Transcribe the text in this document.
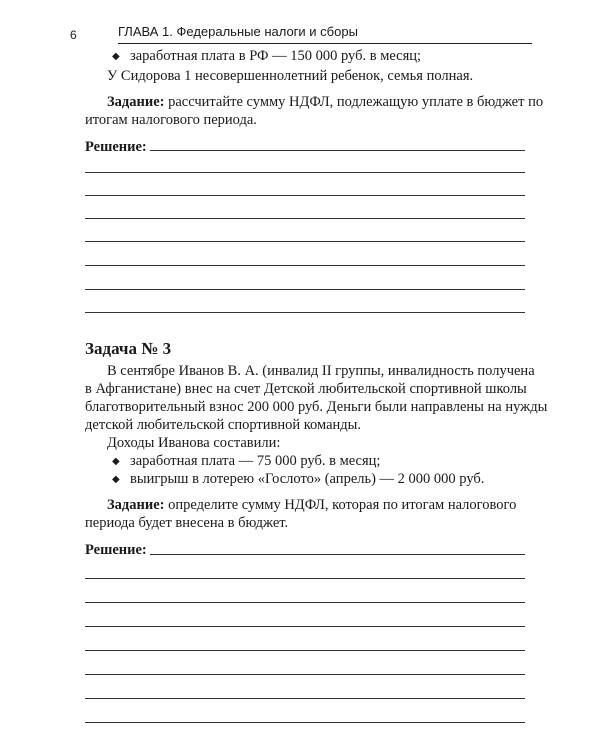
6	ГЛАВА 1. Федеральные налоги и сборы
◆ заработная плата в РФ — 150 000 руб. в месяц;
У Сидорова 1 несовершеннолетний ребенок, семья полная.
Задание: рассчитайте сумму НДФЛ, подлежащую уплате в бюджет по
итогам налогового периода.
Решение:
Задача № 3
В сентябре Иванов В. А. (инвалид II группы, инвалидность получена
в Афганистане) внес на счет Детской любительской спортивной школы
благотворительный взнос 200 000 руб. Деньги были направлены на нужды
детской любительской спортивной команды.
Доходы Иванова составили:
◆ заработная плата — 75 000 руб. в месяц;
◆ выигрыш в лотерею «Гослото» (апрель) — 2 000 000 руб.
Задание: определите сумму НДФЛ, которая по итогам налогового
периода будет внесена в бюджет.
Решение:
